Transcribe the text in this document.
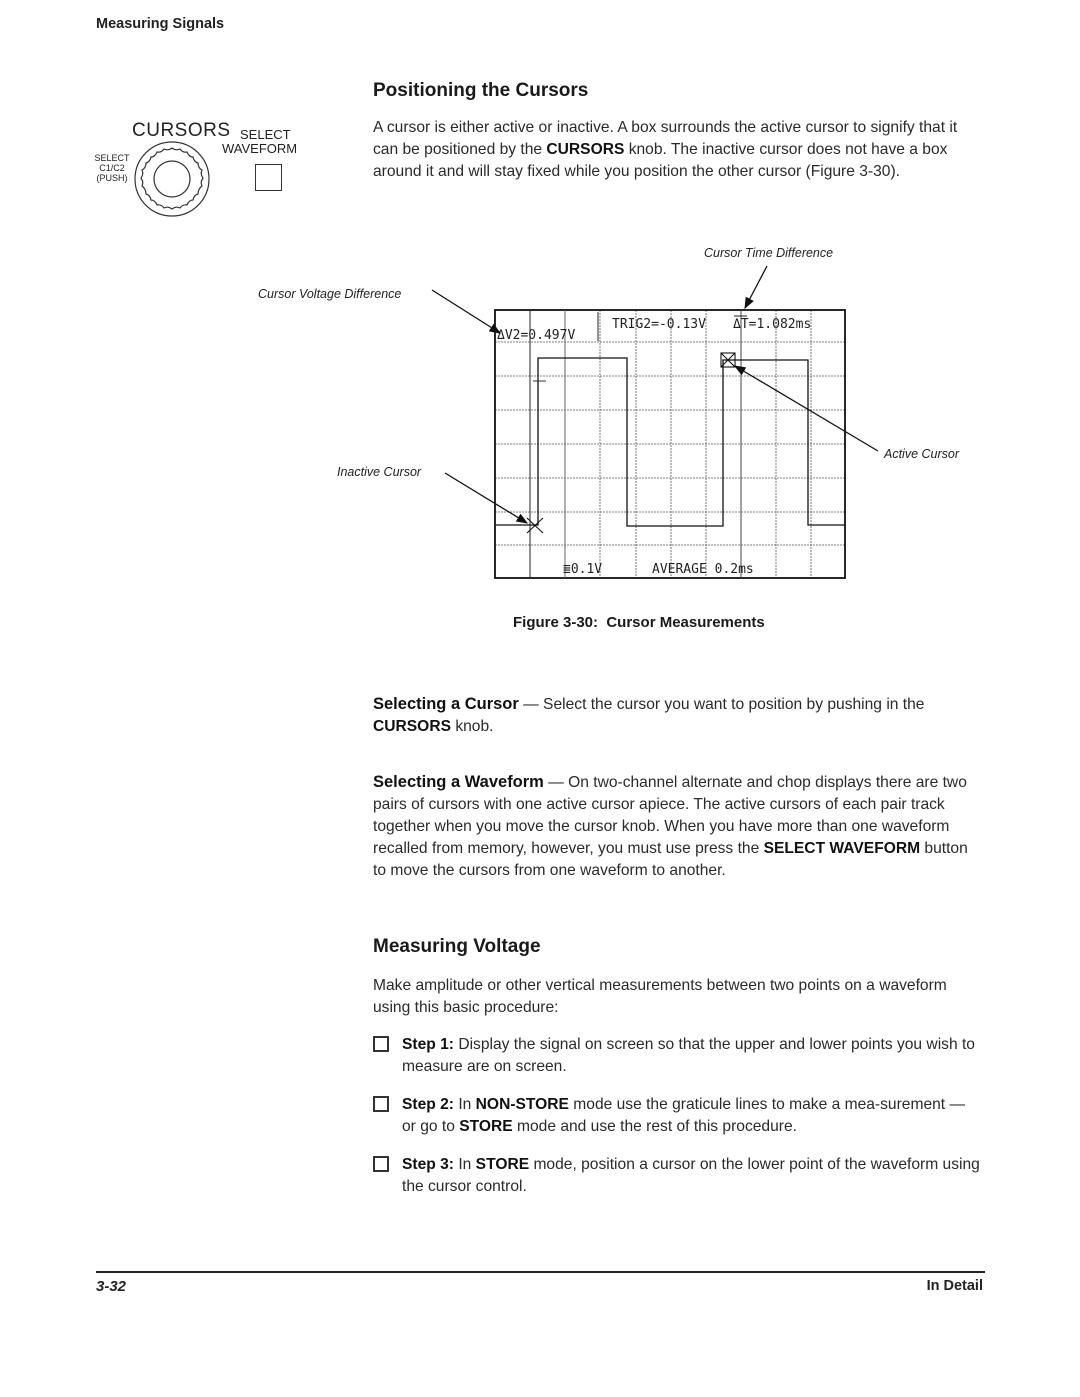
Measuring Signals
CURSORS SELECT
WAVEFORM
SELECT
C1/C2
(PUSH)
Positioning the Cursors
A cursor is either active or inactive. A box surrounds the active cursor to signify that it can be positioned by the CURSORS knob. The inactive cursor does not have a box around it and will stay fixed while you position the other cursor (Figure 3-30).
Cursor Time Difference
Cursor Voltage Difference
Active Cursor
Inactive Cursor
ΔV2=0.497V
TRIG2=-0.13V ΔT=1.082ms
≣0.1V	AVERAGE 0.2ms
Figure 3-30:  Cursor Measurements
Selecting a Cursor — Select the cursor you want to position by pushing in the CURSORS knob.
Selecting a Waveform — On two-channel alternate and chop displays there are two pairs of cursors with one active cursor apiece. The active cursors of each pair track together when you move the cursor knob. When you have more than one waveform recalled from memory, however, you must use press the SELECT WAVEFORM button to move the cursors from one waveform to another.
Measuring Voltage
Make amplitude or other vertical measurements between two points on a waveform using this basic procedure:
Step 1: Display the signal on screen so that the upper and lower points you wish to measure are on screen.
Step 2: In NON-STORE mode use the graticule lines to make a mea-surement — or go to STORE mode and use the rest of this procedure.
Step 3: In STORE mode, position a cursor on the lower point of the waveform using the cursor control.
3-32	In Detail
